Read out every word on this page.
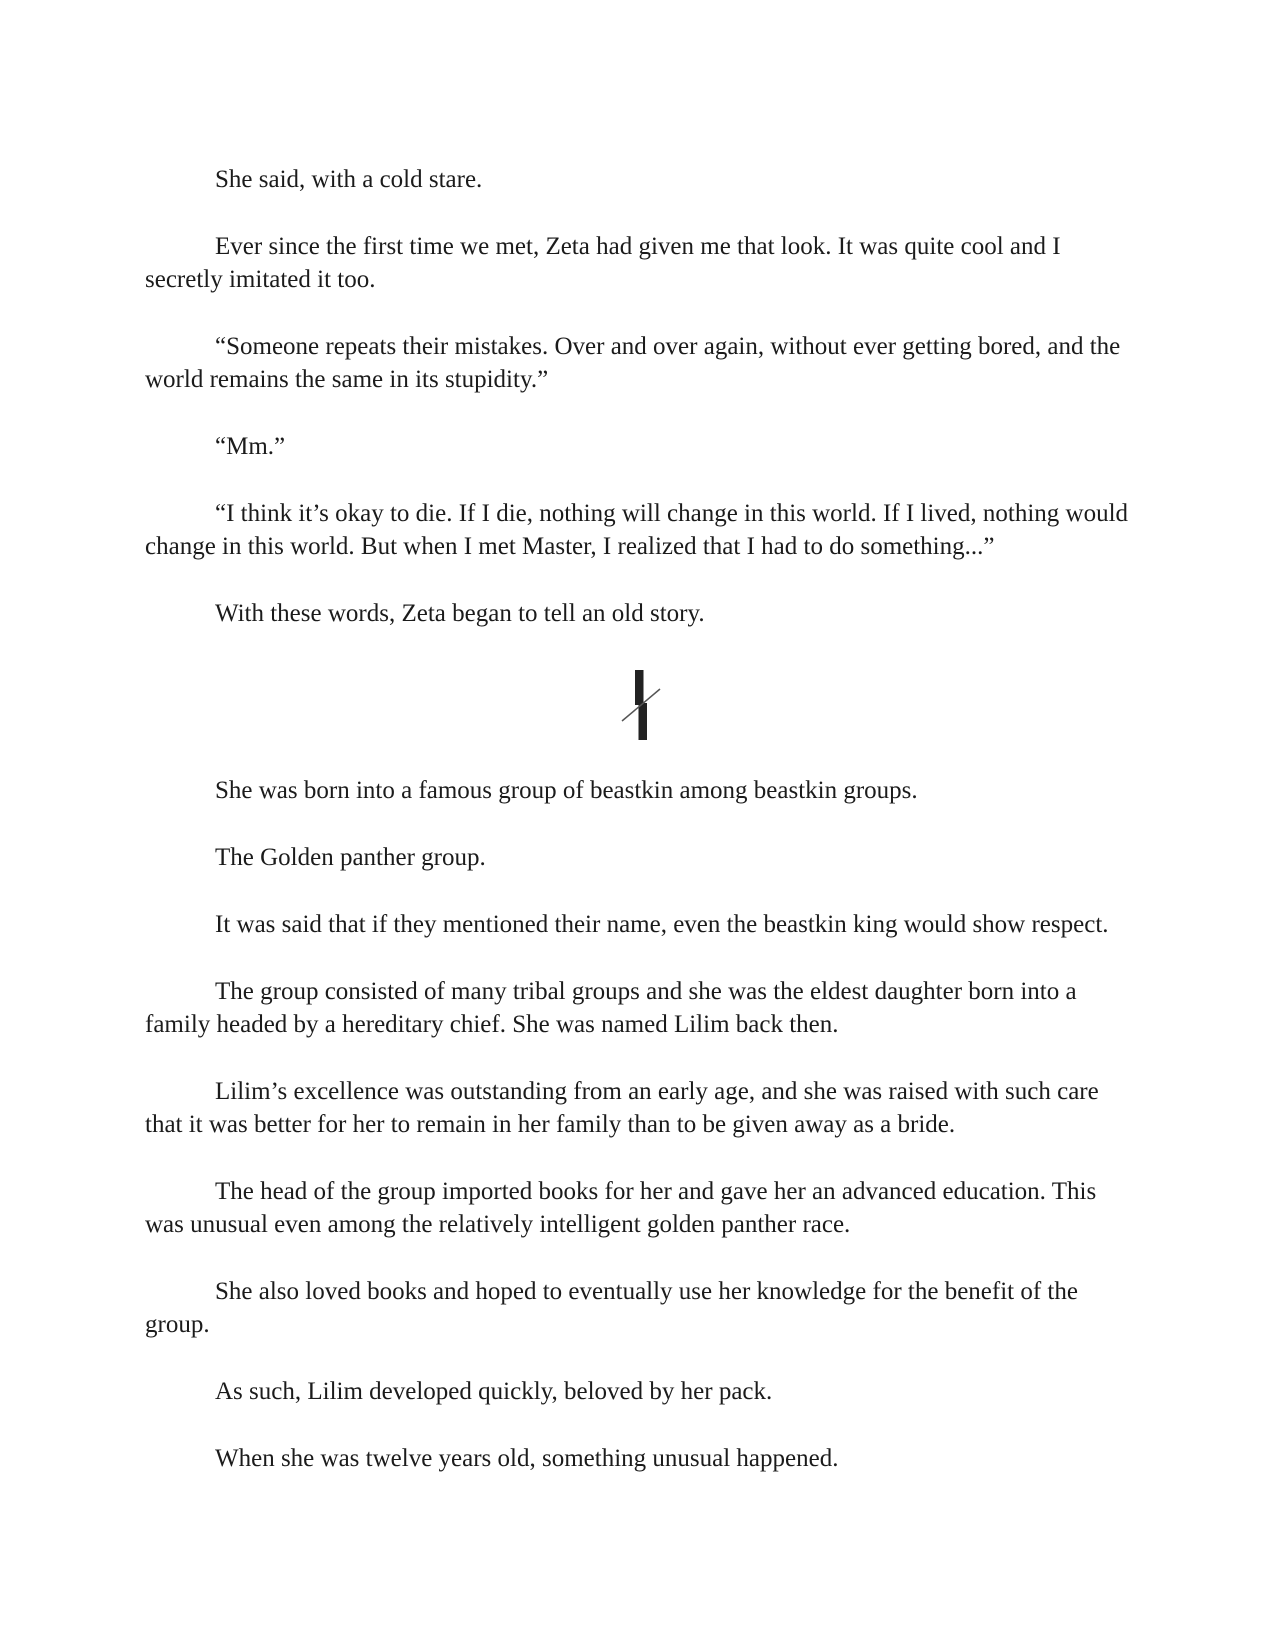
She said, with a cold stare.

Ever since the first time we met, Zeta had given me that look. It was quite cool and I secretly imitated it too.

“Someone repeats their mistakes. Over and over again, without ever getting bored, and the world remains the same in its stupidity.”

“Mm.”

“I think it’s okay to die. If I die, nothing will change in this world. If I lived, nothing would change in this world. But when I met Master, I realized that I had to do something...”

With these words, Zeta began to tell an old story.

She was born into a famous group of beastkin among beastkin groups.

The Golden panther group.

It was said that if they mentioned their name, even the beastkin king would show respect.

The group consisted of many tribal groups and she was the eldest daughter born into a family headed by a hereditary chief. She was named Lilim back then.

Lilim’s excellence was outstanding from an early age, and she was raised with such care that it was better for her to remain in her family than to be given away as a bride.

The head of the group imported books for her and gave her an advanced education. This was unusual even among the relatively intelligent golden panther race.

She also loved books and hoped to eventually use her knowledge for the benefit of the group.

As such, Lilim developed quickly, beloved by her pack.

When she was twelve years old, something unusual happened.
